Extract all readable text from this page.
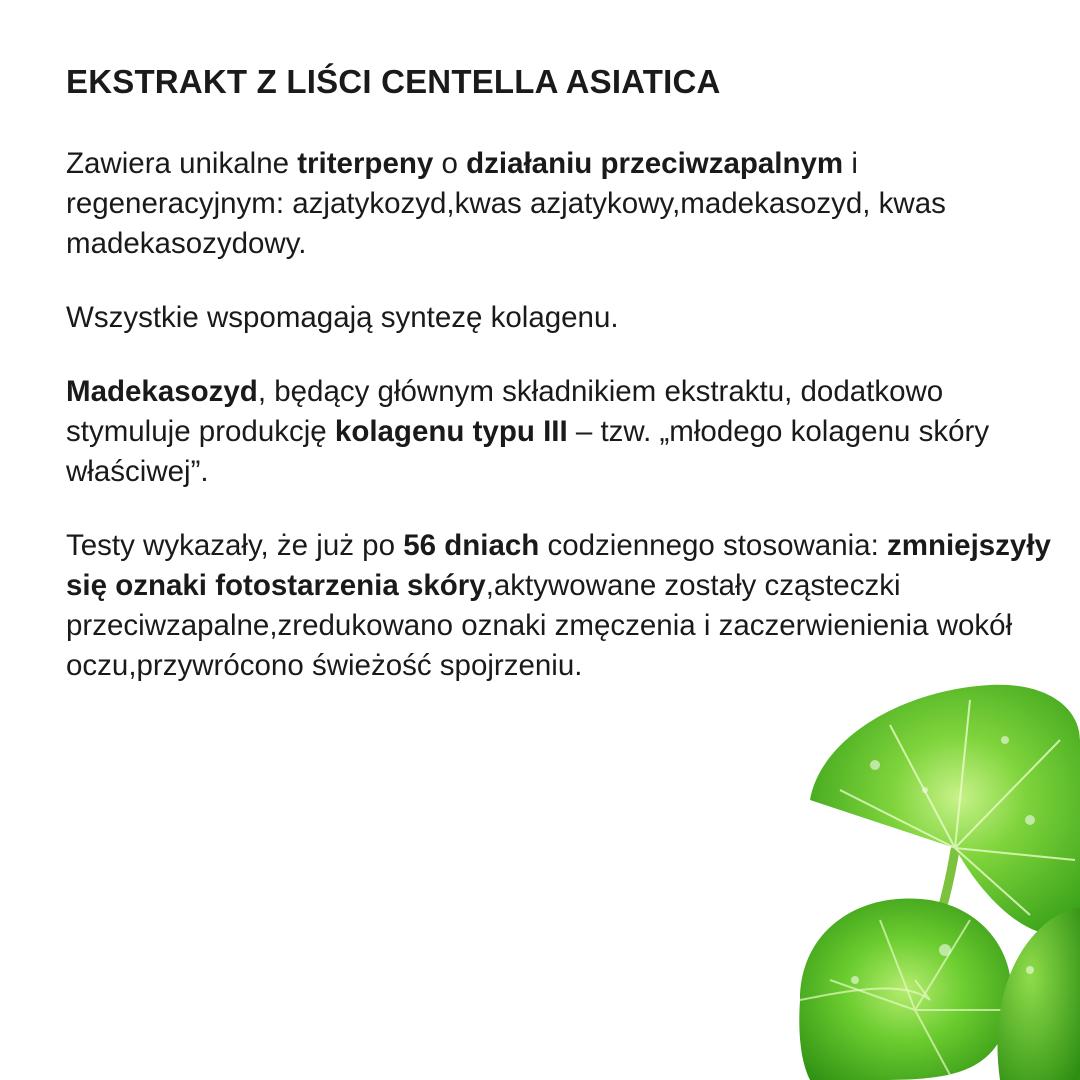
EKSTRAKT Z LIŚCI CENTELLA ASIATICA

Zawiera unikalne triterpeny o działaniu przeciwzapalnym i regeneracyjnym: azjatykozyd,kwas azjatykowy,madekasozyd, kwas madekasozydowy.

Wszystkie wspomagają syntezę kolagenu.

Madekasozyd, będący głównym składnikiem ekstraktu, dodatkowo stymuluje produkcję kolagenu typu III – tzw. „młodego kolagenu skóry właściwej”.

Testy wykazały, że już po 56 dniach codziennego stosowania: zmniejszyły się oznaki fotostarzenia skóry,aktywowane zostały cząsteczki przeciwzapalne,zredukowano oznaki zmęczenia i zaczerwienienia wokół oczu,przywrócono świeżość spojrzeniu.
